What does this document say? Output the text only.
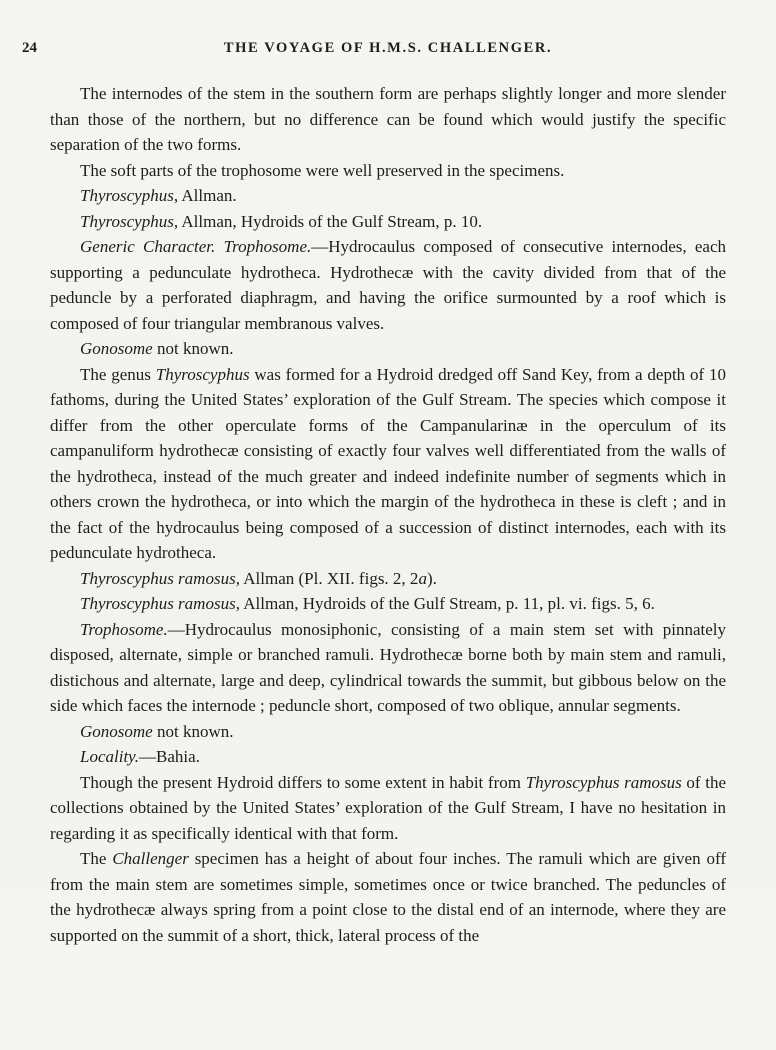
24	THE VOYAGE OF H.M.S. CHALLENGER.

The internodes of the stem in the southern form are perhaps slightly longer and more slender than those of the northern, but no difference can be found which would justify the specific separation of the two forms.

The soft parts of the trophosome were well preserved in the specimens.

Thyroscyphus, Allman.

Thyroscyphus, Allman, Hydroids of the Gulf Stream, p. 10.

Generic Character. Trophosome.—Hydrocaulus composed of consecutive internodes, each supporting a pedunculate hydrotheca. Hydrothecæ with the cavity divided from that of the peduncle by a perforated diaphragm, and having the orifice surmounted by a roof which is composed of four triangular membranous valves.

Gonosome not known.

The genus Thyroscyphus was formed for a Hydroid dredged off Sand Key, from a depth of 10 fathoms, during the United States’ exploration of the Gulf Stream. The species which compose it differ from the other operculate forms of the Campanularinæ in the operculum of its campanuliform hydrothecæ consisting of exactly four valves well differentiated from the walls of the hydrotheca, instead of the much greater and indeed indefinite number of segments which in others crown the hydrotheca, or into which the margin of the hydrotheca in these is cleft ; and in the fact of the hydrocaulus being composed of a succession of distinct internodes, each with its pedunculate hydrotheca.

Thyroscyphus ramosus, Allman (Pl. XII. figs. 2, 2a).

Thyroscyphus ramosus, Allman, Hydroids of the Gulf Stream, p. 11, pl. vi. figs. 5, 6.

Trophosome.—Hydrocaulus monosiphonic, consisting of a main stem set with pinnately disposed, alternate, simple or branched ramuli. Hydrothecæ borne both by main stem and ramuli, distichous and alternate, large and deep, cylindrical towards the summit, but gibbous below on the side which faces the internode ; peduncle short, composed of two oblique, annular segments.

Gonosome not known.

Locality.—Bahia.

Though the present Hydroid differs to some extent in habit from Thyroscyphus ramosus of the collections obtained by the United States’ exploration of the Gulf Stream, I have no hesitation in regarding it as specifically identical with that form.

The Challenger specimen has a height of about four inches. The ramuli which are given off from the main stem are sometimes simple, sometimes once or twice branched. The peduncles of the hydrothecæ always spring from a point close to the distal end of an internode, where they are supported on the summit of a short, thick, lateral process of the
